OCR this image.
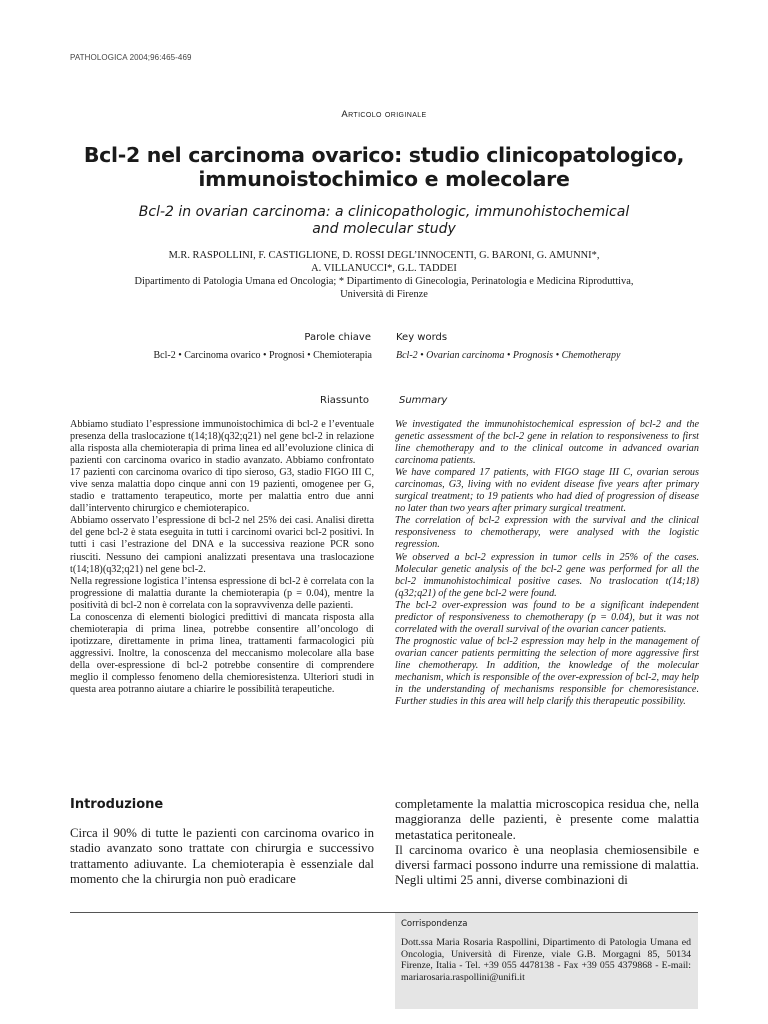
PATHOLOGICA 2004;96:465-469
Articolo originale
Bcl-2 nel carcinoma ovarico: studio clinicopatologico,
immunoistochimico e molecolare
Bcl-2 in ovarian carcinoma: a clinicopathologic, immunohistochemical
and molecular study
M.R. RASPOLLINI, F. CASTIGLIONE, D. ROSSI DEGL’INNOCENTI, G. BARONI, G. AMUNNI*,
A. VILLANUCCI*, G.L. TADDEI
Dipartimento di Patologia Umana ed Oncologia; * Dipartimento di Ginecologia, Perinatologia e Medicina Riproduttiva,
Università di Firenze
Parole chiave	Key words
Bcl-2 • Carcinoma ovarico • Prognosi • Chemioterapia Bcl-2 • Ovarian carcinoma • Prognosis • Chemotherapy
Riassunto	Summary

Abbiamo studiato l’espressione immunoistochimica di bcl-2 e l’eventuale presenza della traslocazione t(14;18)(q32;q21) nel gene bcl-2 in relazione alla risposta alla chemioterapia di prima linea ed all’evoluzione clinica di pazienti con carcinoma ovarico in stadio avanzato. Abbiamo confrontato 17 pazienti con carcinoma ovarico di tipo sieroso, G3, stadio FIGO III C, vive senza malattia dopo cinque anni con 19 pazienti, omogenee per G, stadio e trattamento terapeutico, morte per malattia entro due anni dall’intervento chirurgico e chemioterapico.

Abbiamo osservato l’espressione di bcl-2 nel 25% dei casi. Analisi diretta del gene bcl-2 è stata eseguita in tutti i carcinomi ovarici bcl-2 positivi. In tutti i casi l’estrazione del DNA e la successiva reazione PCR sono riusciti. Nessuno dei campioni analizzati presentava una traslocazione t(14;18)(q32;q21) nel gene bcl-2.

Nella regressione logistica l’intensa espressione di bcl-2 è correlata con la progressione di malattia durante la chemioterapia (p = 0.04), mentre la positività di bcl-2 non è correlata con la sopravvivenza delle pazienti.

La conoscenza di elementi biologici predittivi di mancata risposta alla chemioterapia di prima linea, potrebbe consentire all’oncologo di ipotizzare, direttamente in prima linea, trattamenti farmacologici più aggressivi. Inoltre, la conoscenza del meccanismo molecolare alla base della over-espressione di bcl-2 potrebbe consentire di comprendere meglio il complesso fenomeno della chemioresistenza. Ulteriori studi in questa area potranno aiutare a chiarire le possibilità terapeutiche.

We investigated the immunohistochemical espression of bcl-2 and the genetic assessment of the bcl-2 gene in relation to responsiveness to first line chemotherapy and to the clinical outcome in advanced ovarian carcinoma patients.

We have compared 17 patients, with FIGO stage III C, ovarian serous carcinomas, G3, living with no evident disease five years after primary surgical treatment; to 19 patients who had died of progression of disease no later than two years after primary surgical treatment.

The correlation of bcl-2 expression with the survival and the clinical responsiveness to chemotherapy, were analysed with the logistic regression.

We observed a bcl-2 expression in tumor cells in 25% of the cases. Molecular genetic analysis of the bcl-2 gene was performed for all the bcl-2 immunohistochimical positive cases. No traslocation t(14;18)(q32;q21) of the gene bcl-2 were found.

The bcl-2 over-expression was found to be a significant independent predictor of responsiveness to chemotherapy (p = 0.04), but it was not correlated with the overall survival of the ovarian cancer patients.

The prognostic value of bcl-2 espression may help in the management of ovarian cancer patients permitting the selection of more aggressive first line chemotherapy. In addition, the knowledge of the molecular mechanism, which is responsible of the over-expression of bcl-2, may help in the understanding of mechanisms responsible for chemoresistance. Further studies in this area will help clarify this therapeutic possibility.

Introduzione

Circa il 90% di tutte le pazienti con carcinoma ovarico in stadio avanzato sono trattate con chirurgia e successivo trattamento adiuvante. La chemioterapia è essenziale dal momento che la chirurgia non può eradicare

completamente la malattia microscopica residua che, nella maggioranza delle pazienti, è presente come malattia metastatica peritoneale.

Il carcinoma ovarico è una neoplasia chemiosensibile e diversi farmaci possono indurre una remissione di malattia. Negli ultimi 25 anni, diverse combinazioni di

Corrispondenza
Dott.ssa Maria Rosaria Raspollini, Dipartimento di Patologia Umana ed Oncologia, Università di Firenze, viale G.B. Morgagni 85, 50134 Firenze, Italia - Tel. +39 055 4478138 - Fax +39 055 4379868 - E-mail: mariarosaria.raspollini@unifi.it
